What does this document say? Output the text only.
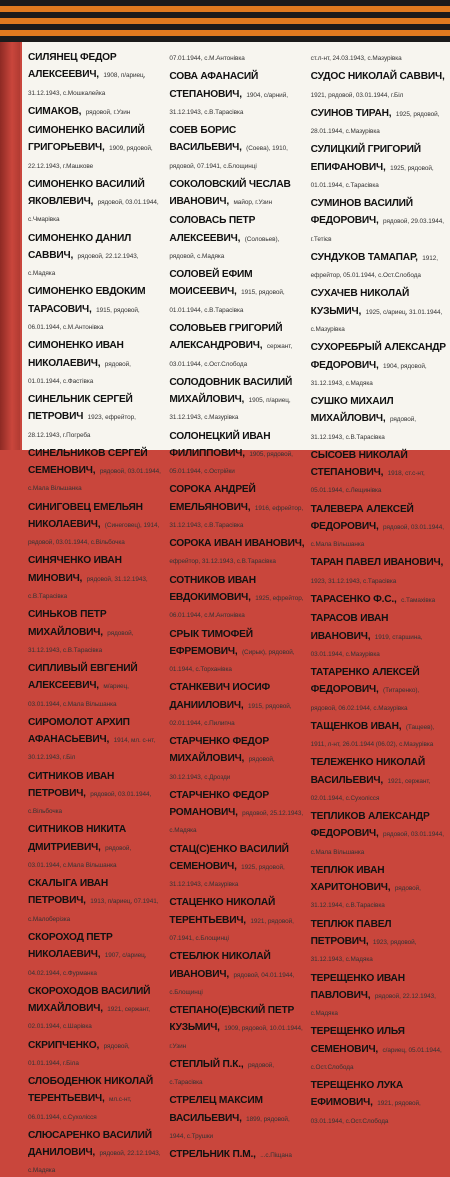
СИЛЯНЕЦ ФЕДОР АЛЕКСЕЕВИЧ, 1908, п/ариец, 31.12.1943, с.Мошкалейка
СИМАКОВ, рядовой, г.Узин
СИМОНЕНКО ВАСИЛИЙ ГРИГОРЬЕВИЧ, 1909, рядовой, 22.12.1943, г.Машкове
СИМОНЕНКО ВАСИЛИЙ ЯКОВЛЕВИЧ, рядовой, 03.01.1944, с.Чмарівка
СИМОНЕНКО ДАНИЛ САВВИЧ, рядовой, 22.12.1943, с.Мадяка
СИМОНЕНКО ЕВДОКИМ ТАРАСОВИЧ, 1915, рядовой, 06.01.1944, с.М.Антонівка
СИМОНЕНКО ИВАН НИКОЛАЕВИЧ, рядовой, 01.01.1944, с.Фастівка
СИНЕЛЬНИК СЕРГЕЙ ПЕТРОВИЧ 1923, ефрейтор, 28.12.1943, г.Погреба
СИНЕЛЬНИКОВ СЕРГЕЙ СЕМЕНОВИЧ, рядовой, 03.01.1944, с.Мала Вільшанка
СИНИГОВЕЦ ЕМЕЛЬЯН НИКОЛАЕВИЧ, (Синеговец), 1914, рядовой, 03.01.1944, с.Вільбочка
СИНЯЧЕНКО ИВАН МИНОВИЧ, рядовой, 31.12.1943, с.В.Тарасівка
СИНЬКОВ ПЕТР МИХАЙЛОВИЧ, рядовой, 31.12.1943, с.В.Тарасівка
СИПЛИВЫЙ ЕВГЕНИЙ АЛЕКСЕЕВИЧ, м/ариец, 03.01.1944, с.Мала Вільшанка
СИРОМОЛОТ АРХИП АФАНАСЬЕВИЧ, 1914, мл. с-нт, 30.12.1943, г.Біл
СИТНИКОВ ИВАН ПЕТРОВИЧ, рядовой, 03.01.1944, с.Вільбочка
СИТНИКОВ НИКИТА ДМИТРИЕВИЧ, рядовой, 03.01.1944, с.Мала Вільшанка
СКАЛЫГА ИВАН ПЕТРОВИЧ, 1913, п/ариец, 07.1941, с.Малоберізка
СКОРОХОД ПЕТР НИКОЛАЕВИЧ, 1907, с/ариец, 04.02.1944, с.Фурманка
СКОРОХОДОВ ВАСИЛИЙ МИХАЙЛОВИЧ, 1921, сержант, 02.01.1944, с.Шарівка
СКРИПЧЕНКО, рядовой, 01.01.1944, г.Біла
СЛОБОДЕНЮК НИКОЛАЙ ТЕРЕНТЬЕВИЧ, мл.с-нт, 06.01.1944, с.Сухолісся
СЛЮСАРЕНКО ВАСИЛИЙ ДАНИЛОВИЧ, рядовой, 22.12.1943, с.Мадяка
07.01.1944, с.М.Антонівка
СОВА АФАНАСИЙ СТЕПАНОВИЧ, 1904, с/арний, 31.12.1943, с.В.Тарасівка
СОЕВ БОРИС ВАСИЛЬЕВИЧ, (Соева), 1910, рядовой, 07.1941, с.Блощинці
СОКОЛОВСКИЙ ЧЕСЛАВ ИВАНОВИЧ, майор, г.Узин
СОЛОВАСЬ ПЕТР АЛЕКСЕЕВИЧ, (Соловьев), рядовой, с.Мадяка
СОЛОВЕЙ ЕФИМ МОИСЕЕВИЧ, 1915, рядовой, 01.01.1944, с.В.Тарасівка
СОЛОВЬЕВ ГРИГОРИЙ АЛЕКСАНДРОВИЧ, сержант, 03.01.1944, с.Ост.Слобода
СОЛОДОВНИК ВАСИЛИЙ МИХАЙЛОВИЧ, 1905, п/ариец, 31.12.1943, с.Мазурівка
СОЛОНЕЦКИЙ ИВАН ФИЛИППОВИЧ, 1905, рядовой, 05.01.1944, с.Острійки
СОРОКА АНДРЕЙ ЕМЕЛЬЯНОВИЧ, 1916, ефрейтор, 31.12.1943, с.В.Тарасівка
СОРОКА ИВАН ИВАНОВИЧ, ефрейтор, 31.12.1943, с.В.Тарасівка
СОТНИКОВ ИВАН ЕВДОКИМОВИЧ, 1925, ефрейтор, 06.01.1944, с.М.Антонівка
СРЫК ТИМОФЕЙ ЕФРЕМОВИЧ, (Сирык), рядовой, 01.1944, с.Торханівка
СТАНКЕВИЧ ИОСИФ ДАНИИЛОВИЧ, 1915, рядовой, 02.01.1944, с.Пилипча
СТАРЧЕНКО ФЕДОР МИХАЙЛОВИЧ, рядовой, 30.12.1943, с.Дрозди
СТАРЧЕНКО ФЕДОР РОМАНОВИЧ, рядовой, 25.12.1943, с.Мадяка
СТАЦ(С)ЕНКО ВАСИЛИЙ СЕМЕНОВИЧ, 1925, рядовой, 31.12.1943, с.Мазурівка
СТАЦЕНКО НИКОЛАЙ ТЕРЕНТЬЕВИЧ, 1921, рядовой, 07.1941, с.Блощинці
СТЕБЛЮК НИКОЛАЙ ИВАНОВИЧ, рядовой, 04.01.1944, с.Блощинці
СТЕПАНО(Е)ВСКИЙ ПЕТР КУЗЬМИЧ, 1909, рядовой, 10.01.1944, г.Узин
СТЕПЛЫЙ П.К., рядовой, с.Тарасівка
СТРЕЛЕЦ МАКСИМ ВАСИЛЬЕВИЧ, 1899, рядовой, 1944, с.Трушки
СТРЕЛЬНИК П.М., ...с.Піщана
ст.л-нт, 24.03.1943, с.Мазурівка
СУДОС НИКОЛАЙ САВВИЧ, 1921, рядовой, 03.01.1944, г.Біл
СУИНОВ ТИРАН, 1925, рядовой, 28.01.1944, с.Мазурівка
СУЛИЦКИЙ ГРИГОРИЙ ЕПИФАНОВИЧ, 1925, рядовой, 01.01.1944, с.Тарасівка
СУМИНОВ ВАСИЛИЙ ФЕДОРОВИЧ, рядовой, 29.03.1944, г.Тетієв
СУНДУКОВ ТАМАПАР, 1912, ефрейтор, 05.01.1944, с.Ост.Слобода
СУХАЧЕВ НИКОЛАЙ КУЗЬМИЧ, 1925, с/ариец, 31.01.1944, с.Мазурівка
СУХОРЕБРЫЙ АЛЕКСАНДР ФЕДОРОВИЧ, 1904, рядовой, 31.12.1943, с.Мадяка
СУШКО МИХАИЛ МИХАЙЛОВИЧ, рядовой, 31.12.1943, с.В.Тарасівка
СЫСОЕВ НИКОЛАЙ СТЕПАНОВИЧ, 1918, ст.с-нт, 05.01.1944, с.Лещинівка
ТАЛЕВЕРА АЛЕКСЕЙ ФЕДОРОВИЧ, рядовой, 03.01.1944, с.Мала Вільшанка
ТАРАН ПАВЕЛ ИВАНОВИЧ, 1923, 31.12.1943, с.Тарасівка
ТАРАСЕНКО Ф.С., с.Тамахівка
ТАРАСОВ ИВАН ИВАНОВИЧ, 1919, старшина, 03.01.1944, с.Мазурівка
ТАТАРЕНКО АЛЕКСЕЙ ФЕДОРОВИЧ, (Титаренко), рядовой, 06.02.1944, с.Мазурівка
ТАЩЕНКОВ ИВАН, (Тащеев), 1911, л-нт, 26.01.1944 (06.02), с.Мазурівка
ТЕЛЕЖЕНКО НИКОЛАЙ ВАСИЛЬЕВИЧ, 1921, сержант, 02.01.1944, с.Сухолісся
ТЕПЛИКОВ АЛЕКСАНДР ФЕДОРОВИЧ, рядовой, 03.01.1944, с.Мала Вільшанка
ТЕПЛЮК ИВАН ХАРИТОНОВИЧ, рядовой, 31.12.1944, с.В.Тарасівка
ТЕПЛЮК ПАВЕЛ ПЕТРОВИЧ, 1923, рядовой, 31.12.1943, с.Мадяка
ТЕРЕЩЕНКО ИВАН ПАВЛОВИЧ, рядовой, 22.12.1943, с.Мадяка
ТЕРЕЩЕНКО ИЛЬЯ СЕМЕНОВИЧ, с/ариец, 05.01.1944, с.Ост.Слобода
ТЕРЕЩЕНКО ЛУКА ЕФИМОВИЧ, 1921, рядовой, 03.01.1944, с.Ост.Слобода
